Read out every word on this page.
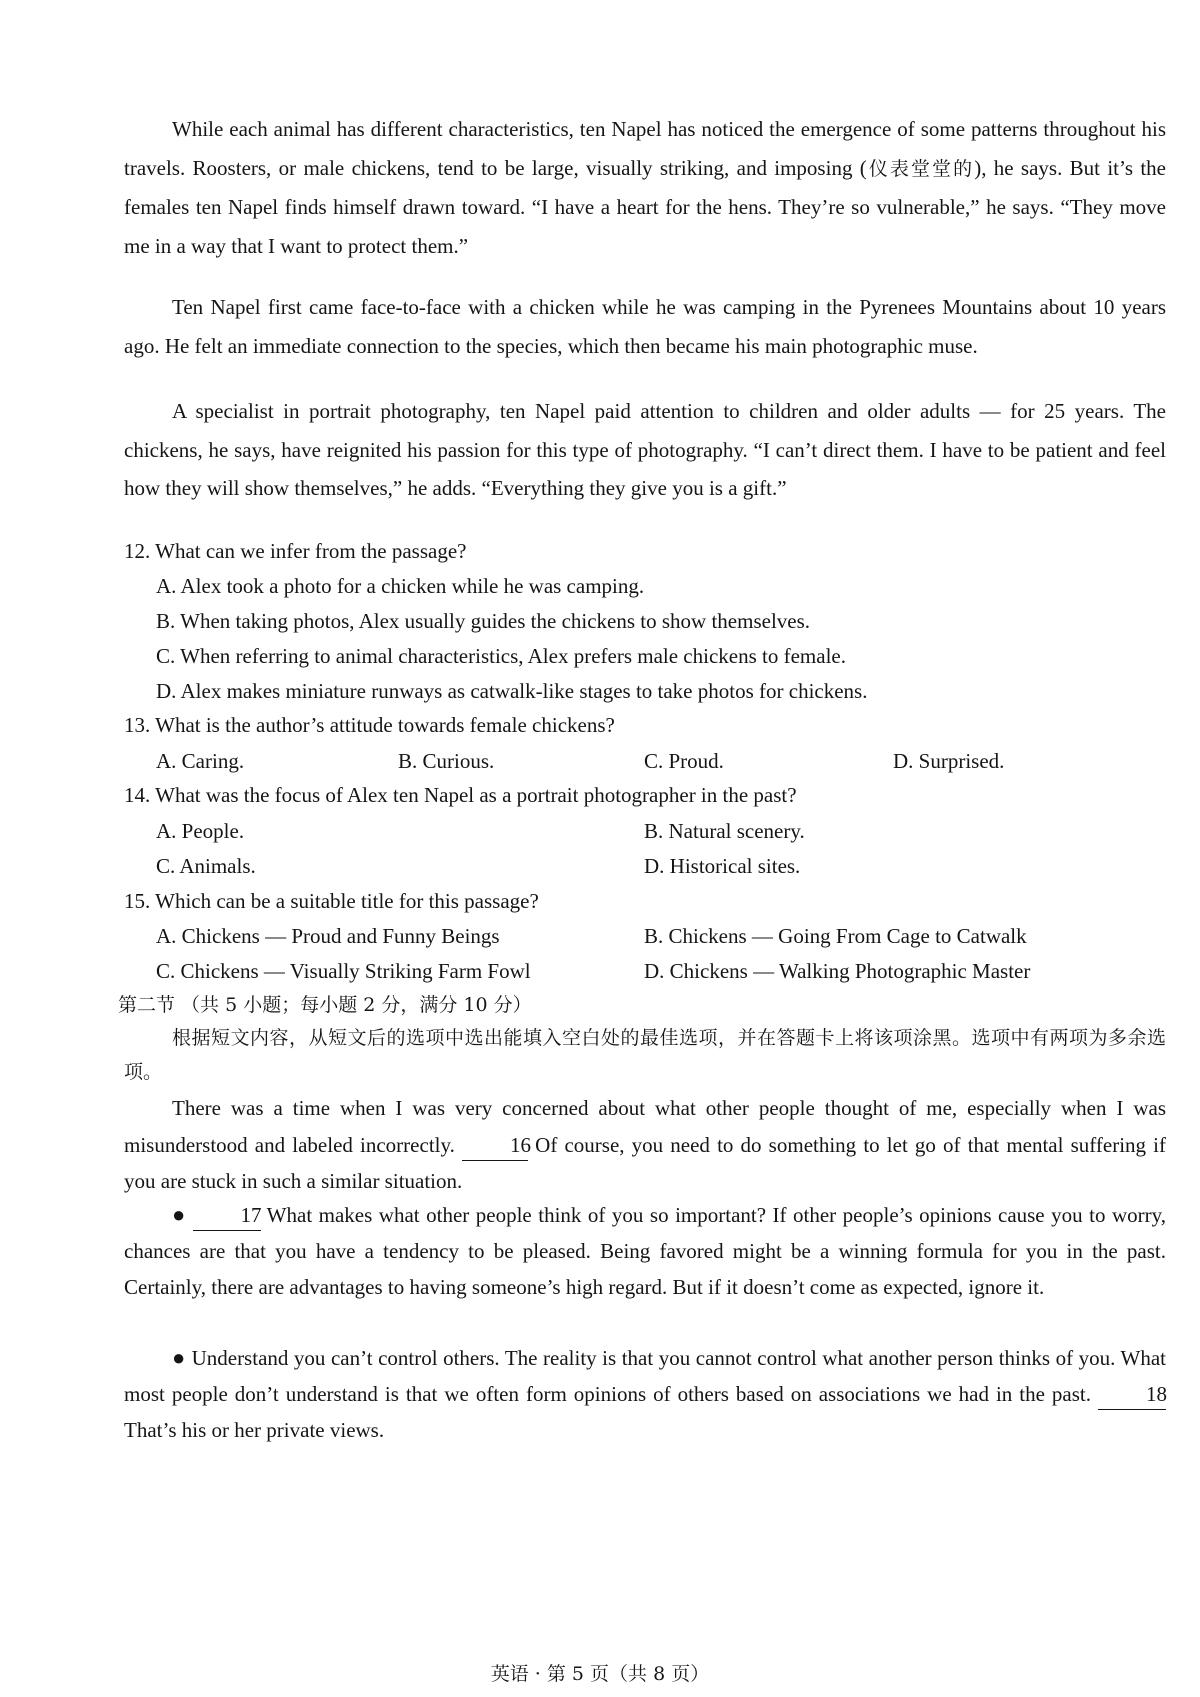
While each animal has different characteristics, ten Napel has noticed the emergence of some patterns throughout his travels. Roosters, or male chickens, tend to be large, visually striking, and imposing (仪表堂堂的), he says. But it’s the females ten Napel finds himself drawn toward. “I have a heart for the hens. They’re so vulnerable,” he says. “They move me in a way that I want to protect them.”

Ten Napel first came face-to-face with a chicken while he was camping in the Pyrenees Mountains about 10 years ago. He felt an immediate connection to the species, which then became his main photographic muse.

A specialist in portrait photography, ten Napel paid attention to children and older adults — for 25 years. The chickens, he says, have reignited his passion for this type of photography. “I can’t direct them. I have to be patient and feel how they will show themselves,” he adds. “Everything they give you is a gift.”

12. What can we infer from the passage?

A. Alex took a photo for a chicken while he was camping.

B. When taking photos, Alex usually guides the chickens to show themselves.

C. When referring to animal characteristics, Alex prefers male chickens to female.

D. Alex makes miniature runways as catwalk-like stages to take photos for chickens.

13. What is the author’s attitude towards female chickens?

A. Caring.	B. Curious.	C. Proud.	D. Surprised.

14. What was the focus of Alex ten Napel as a portrait photographer in the past?

A. People.	B. Natural scenery.

C. Animals.	D. Historical sites.

15. Which can be a suitable title for this passage?

A. Chickens — Proud and Funny Beings	B. Chickens — Going From Cage to Catwalk

C. Chickens — Visually Striking Farm Fowl	D. Chickens — Walking Photographic Master

第二节 （共 5 小题；每小题 2 分，满分 10 分）

根据短文内容，从短文后的选项中选出能填入空白处的最佳选项，并在答题卡上将该项涂黑。选项中有两项为多余选项。

There was a time when I was very concerned about what other people thought of me, especially when I was misunderstood and labeled incorrectly.	16 Of course, you need to do something to let go of that mental suffering if you are stuck in such a similar situation.

●	17 What makes what other people think of you so important? If other people’s opinions cause you to worry, chances are that you have a tendency to be pleased. Being favored might be a winning formula for you in the past. Certainly, there are advantages to having someone’s high regard. But if it doesn’t come as expected, ignore it.

● Understand you can’t control others. The reality is that you cannot control what another person thinks of you. What most people don’t understand is that we often form opinions of others based on associations we had in the past.	18 That’s his or her private views.

英语 · 第 5 页（共 8 页）
